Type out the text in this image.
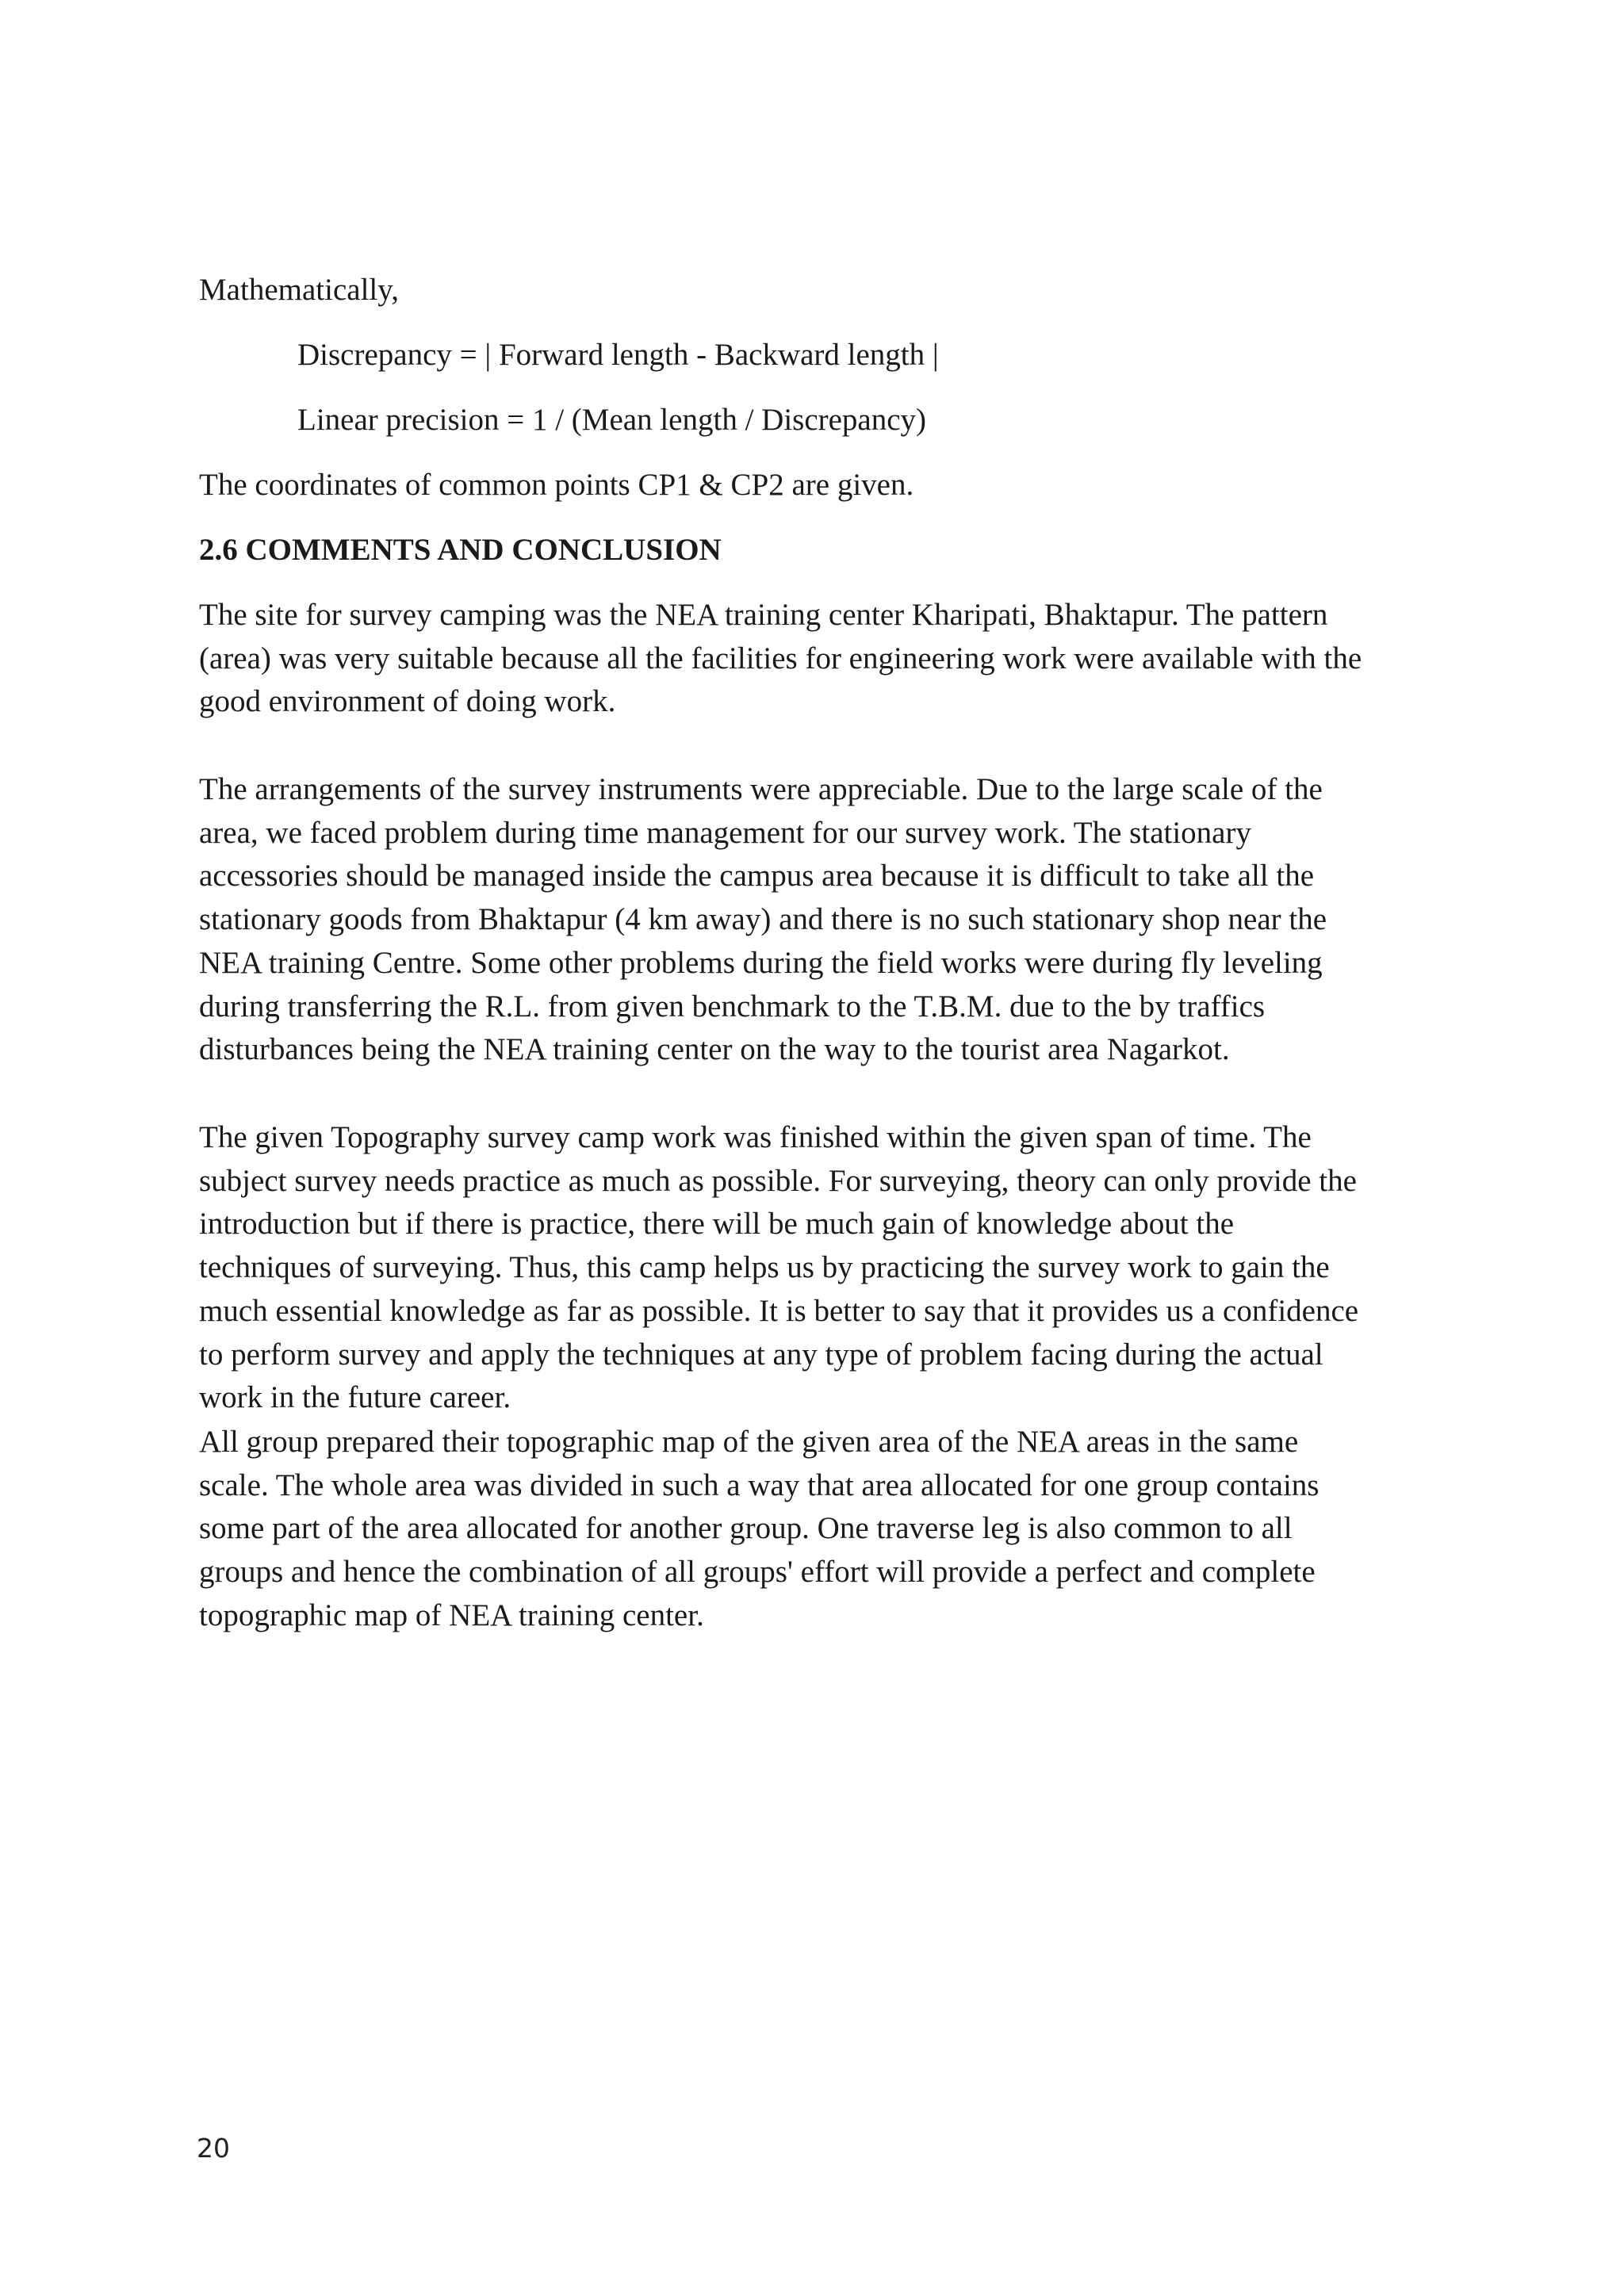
Mathematically,

Discrepancy = | Forward length - Backward length |

Linear precision = 1 / (Mean length / Discrepancy)

The coordinates of common points CP1 & CP2 are given.

2.6 COMMENTS AND CONCLUSION

The site for survey camping was the NEA training center Kharipati, Bhaktapur. The pattern
(area) was very suitable because all the facilities for engineering work were available with the
good environment of doing work.

The arrangements of the survey instruments were appreciable. Due to the large scale of the
area, we faced problem during time management for our survey work. The stationary
accessories should be managed inside the campus area because it is difficult to take all the
stationary goods from Bhaktapur (4 km away) and there is no such stationary shop near the
NEA training Centre. Some other problems during the field works were during fly leveling
during transferring the R.L. from given benchmark to the T.B.M. due to the by traffics
disturbances being the NEA training center on the way to the tourist area Nagarkot.

The given Topography survey camp work was finished within the given span of time. The
subject survey needs practice as much as possible. For surveying, theory can only provide the
introduction but if there is practice, there will be much gain of knowledge about the
techniques of surveying. Thus, this camp helps us by practicing the survey work to gain the
much essential knowledge as far as possible. It is better to say that it provides us a confidence
to perform survey and apply the techniques at any type of problem facing during the actual
work in the future career.

All group prepared their topographic map of the given area of the NEA areas in the same
scale. The whole area was divided in such a way that area allocated for one group contains
some part of the area allocated for another group. One traverse leg is also common to all
groups and hence the combination of all groups' effort will provide a perfect and complete
topographic map of NEA training center.

20
